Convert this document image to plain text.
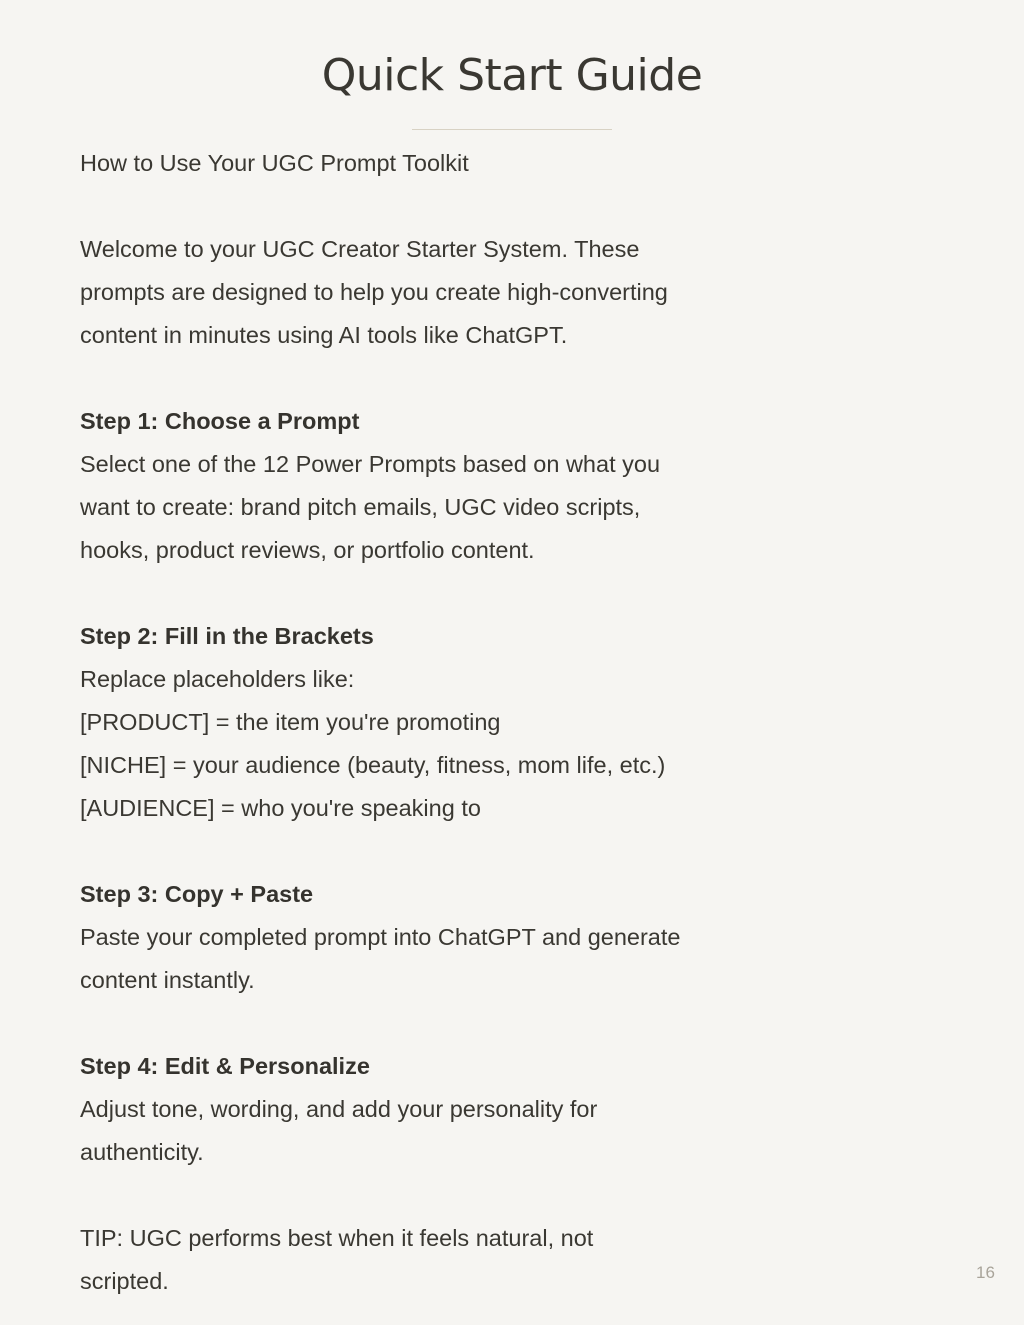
Quick Start Guide

How to Use Your UGC Prompt Toolkit

Welcome to your UGC Creator Starter System. These

prompts are designed to help you create high-converting

content in minutes using AI tools like ChatGPT.

Step 1: Choose a Prompt

Select one of the 12 Power Prompts based on what you

want to create: brand pitch emails, UGC video scripts,

hooks, product reviews, or portfolio content.

Step 2: Fill in the Brackets

Replace placeholders like:

[PRODUCT] = the item you're promoting

[NICHE] = your audience (beauty, fitness, mom life, etc.)

[AUDIENCE] = who you're speaking to

Step 3: Copy + Paste

Paste your completed prompt into ChatGPT and generate

content instantly.

Step 4: Edit & Personalize

Adjust tone, wording, and add your personality for

authenticity.

TIP: UGC performs best when it feels natural, not

scripted.	16
